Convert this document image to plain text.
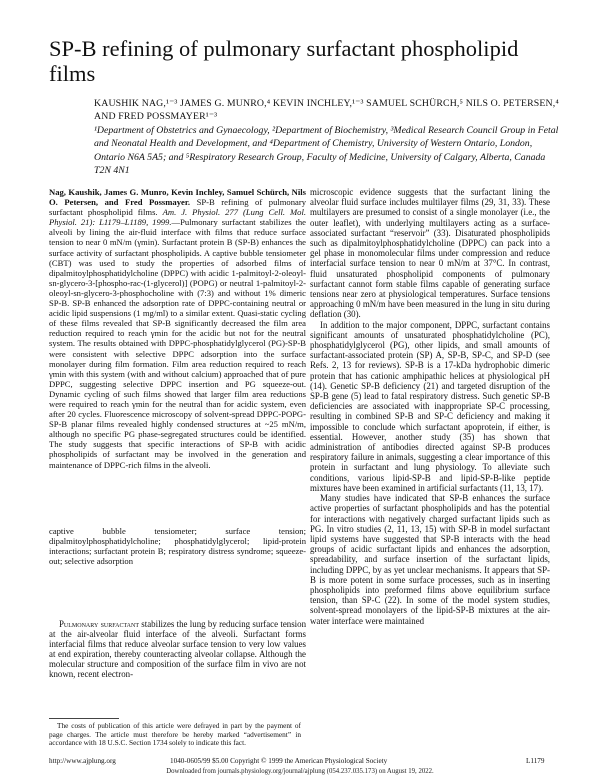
SP-B refining of pulmonary surfactant phospholipid films
KAUSHIK NAG,¹⁻³ JAMES G. MUNRO,⁴ KEVIN INCHLEY,¹⁻³ SAMUEL SCHÜRCH,⁵ NILS O. PETERSEN,⁴ AND FRED POSSMAYER¹⁻³
¹Department of Obstetrics and Gynaecology, ²Department of Biochemistry, ³Medical Research Council Group in Fetal and Neonatal Health and Development, and ⁴Department of Chemistry, University of Western Ontario, London, Ontario N6A 5A5; and ⁵Respiratory Research Group, Faculty of Medicine, University of Calgary, Alberta, Canada T2N 4N1
Nag, Kaushik, James G. Munro, Kevin Inchley, Samuel Schürch, Nils O. Petersen, and Fred Possmayer. SP-B refining of pulmonary surfactant phospholipid films. Am. J. Physiol. 277 (Lung Cell. Mol. Physiol. 21): L1179–L1189, 1999.—Pulmonary surfactant stabilizes the alveoli by lining the air-fluid interface with films that reduce surface tension to near 0 mN/m (γmin). Surfactant protein B (SP-B) enhances the surface activity of surfactant phospholipids. A captive bubble tensiometer (CBT) was used to study the properties of adsorbed films of dipalmitoylphosphatidylcholine (DPPC) with acidic 1-palmitoyl-2-oleoyl-sn-glycero-3-[phospho-rac-(1-glycerol)] (POPG) or neutral 1-palmitoyl-2-oleoyl-sn-glycero-3-phosphocholine with (7:3) and without 1% dimeric SP-B. SP-B enhanced the adsorption rate of DPPC-containing neutral or acidic lipid suspensions (1 mg/ml) to a similar extent. Quasi-static cycling of these films revealed that SP-B significantly decreased the film area reduction required to reach γmin for the acidic but not for the neutral system. The results obtained with DPPC-phosphatidylglycerol (PG)-SP-B were consistent with selective DPPC adsorption into the surface monolayer during film formation. Film area reduction required to reach γmin with this system (with and without calcium) approached that of pure DPPC, suggesting selective DPPC insertion and PG squeeze-out. Dynamic cycling of such films showed that larger film area reductions were required to reach γmin for the neutral than for acidic system, even after 20 cycles. Fluorescence microscopy of solvent-spread DPPC-POPG-SP-B planar films revealed highly condensed structures at ~25 mN/m, although no specific PG phase-segregated structures could be identified. The study suggests that specific interactions of SP-B with acidic phospholipids of surfactant may be involved in the generation and maintenance of DPPC-rich films in the alveoli.
captive bubble tensiometer; surface tension; dipalmitoylphosphatidylcholine; phosphatidylglycerol; lipid-protein interactions; surfactant protein B; respiratory distress syndrome; squeeze-out; selective adsorption
Pulmonary surfactant stabilizes the lung by reducing surface tension at the air-alveolar fluid interface of the alveoli. Surfactant forms interfacial films that reduce alveolar surface tension to very low values at end expiration, thereby counteracting alveolar collapse. Although the molecular structure and composition of the surface film in vivo are not known, recent electron-

microscopic evidence suggests that the surfactant lining the alveolar fluid surface includes multilayer films (29, 31, 33). These multilayers are presumed to consist of a single monolayer (i.e., the outer leaflet), with underlying multilayers acting as a surface-associated surfactant “reservoir” (33). Disaturated phospholipids such as dipalmitoylphosphatidylcholine (DPPC) can pack into a gel phase in monomolecular films under compression and reduce interfacial surface tension to near 0 mN/m at 37°C. In contrast, fluid unsaturated phospholipid components of pulmonary surfactant cannot form stable films capable of generating surface tensions near zero at physiological temperatures. Surface tensions approaching 0 mN/m have been measured in the lung in situ during deflation (30).

In addition to the major component, DPPC, surfactant contains significant amounts of unsaturated phosphatidylcholine (PC), phosphatidylglycerol (PG), other lipids, and small amounts of surfactant-associated protein (SP) A, SP-B, SP-C, and SP-D (see Refs. 2, 13 for reviews). SP-B is a 17-kDa hydrophobic dimeric protein that has cationic amphipathic helices at physiological pH (14). Genetic SP-B deficiency (21) and targeted disruption of the SP-B gene (5) lead to fatal respiratory distress. Such genetic SP-B deficiencies are associated with inappropriate SP-C processing, resulting in combined SP-B and SP-C deficiency and making it impossible to conclude which surfactant apoprotein, if either, is essential. However, another study (35) has shown that administration of antibodies directed against SP-B produces respiratory failure in animals, suggesting a clear importance of this protein in surfactant and lung physiology. To alleviate such conditions, various lipid-SP-B and lipid-SP-B-like peptide mixtures have been examined in artificial surfactants (11, 13, 17).

Many studies have indicated that SP-B enhances the surface active properties of surfactant phospholipids and has the potential for interactions with negatively charged surfactant lipids such as PG. In vitro studies (2, 11, 13, 15) with SP-B in model surfactant lipid systems have suggested that SP-B interacts with the head groups of acidic surfactant lipids and enhances the adsorption, spreadability, and surface insertion of the surfactant lipids, including DPPC, by as yet unclear mechanisms. It appears that SP-B is more potent in some surface processes, such as in inserting phospholipids into preformed films above equilibrium surface tension, than SP-C (22). In some of the model system studies, solvent-spread monolayers of the lipid-SP-B mixtures at the air-water interface were maintained

The costs of publication of this article were defrayed in part by the payment of page charges. The article must therefore be hereby marked “advertisement” in accordance with 18 U.S.C. Section 1734 solely to indicate this fact.
http://www.ajplung.org	1040-0605/99 $5.00 Copyright © 1999 the American Physiological Society	L1179
Downloaded from journals.physiology.org/journal/ajplung (054.237.035.173) on August 19, 2022.
